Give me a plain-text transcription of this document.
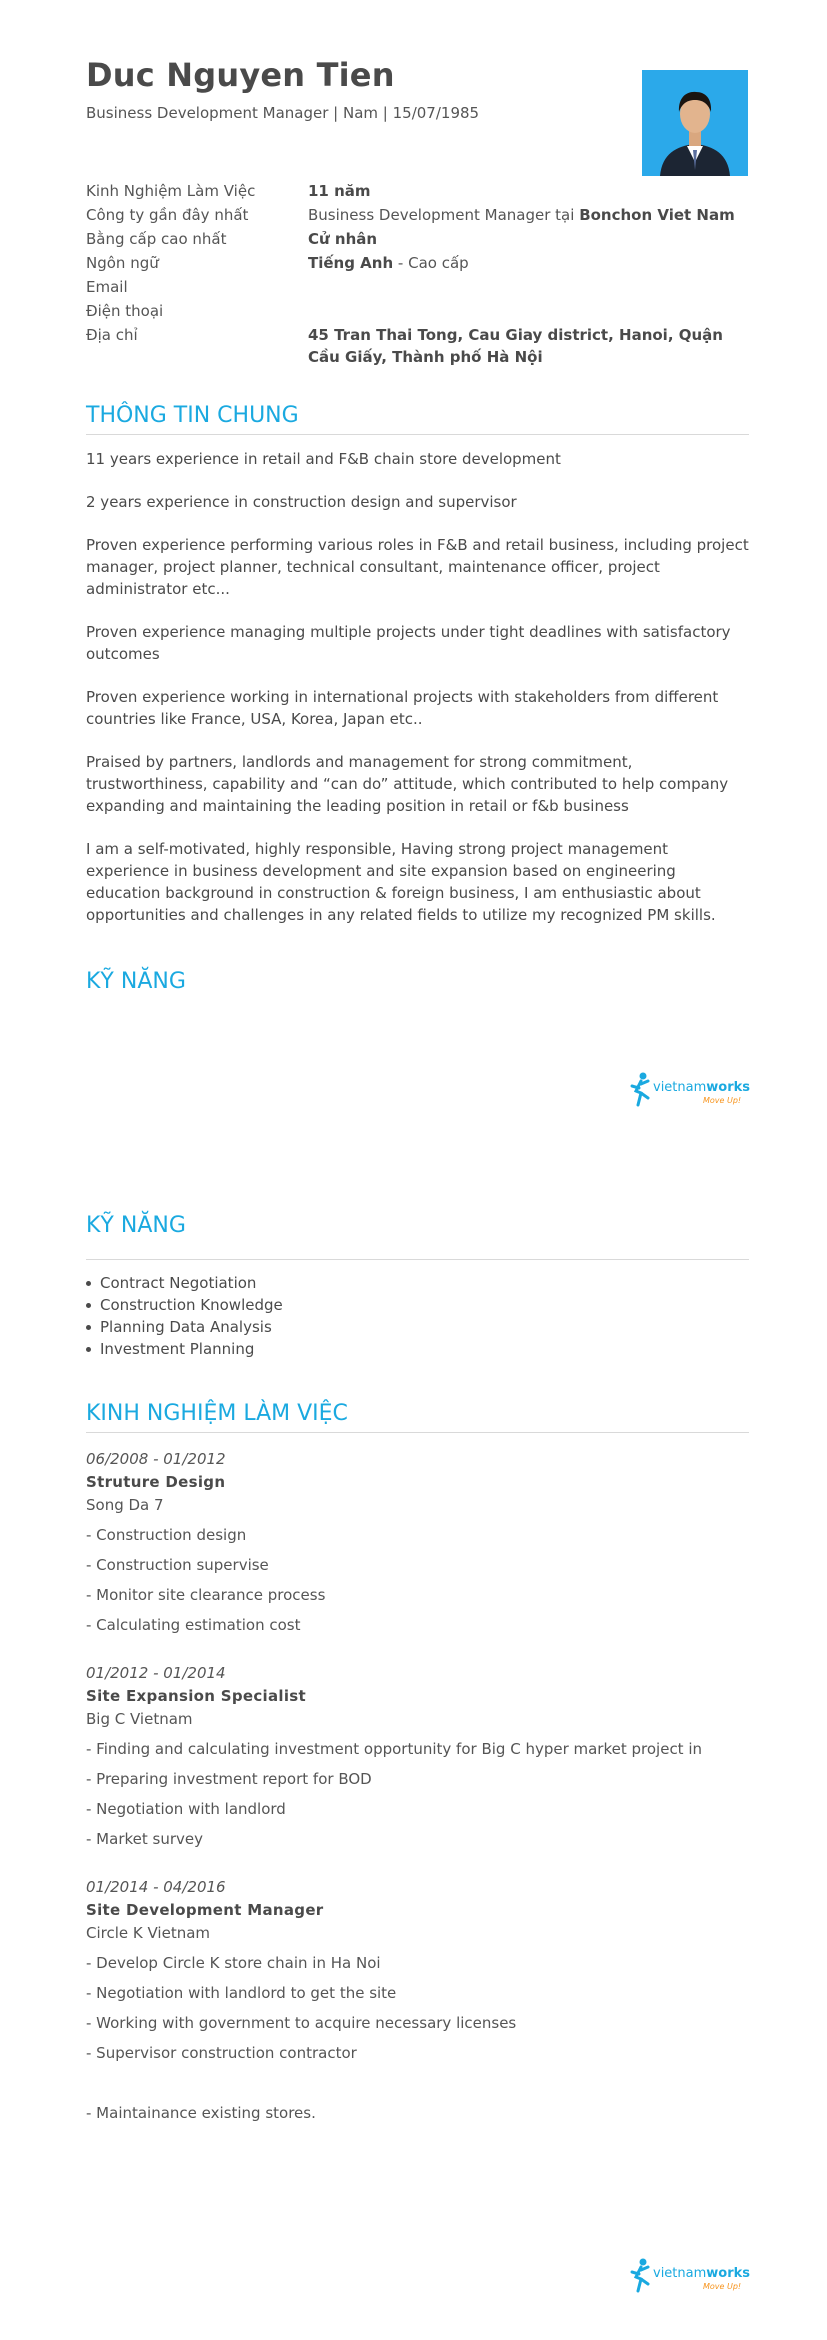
Duc Nguyen Tien
Business Development Manager | Nam | 15/07/1985
Kinh Nghiệm Làm Việc	11 năm
Công ty gần đây nhất	Business Development Manager tại Bonchon Viet Nam
Bằng cấp cao nhất	Cử nhân
Ngôn ngữ	Tiếng Anh - Cao cấp
Email
Điện thoại
Địa chỉ	45 Tran Thai Tong, Cau Giay district, Hanoi, Quận Cầu Giấy, Thành phố Hà Nội
THÔNG TIN CHUNG

11 years experience in retail and F&B chain store development

2 years experience in construction design and supervisor

Proven experience performing various roles in F&B and retail business, including project manager, project planner, technical consultant, maintenance officer, project administrator etc...

Proven experience managing multiple projects under tight deadlines with satisfactory outcomes

Proven experience working in international projects with stakeholders from different countries like France, USA, Korea, Japan etc..

Praised by partners, landlords and management for strong commitment, trustworthiness, capability and “can do” attitude, which contributed to help company expanding and maintaining the leading position in retail or f&b business

I am a self-motivated, highly responsible, Having strong project management experience in business development and site expansion based on engineering education background in construction & foreign business, I am enthusiastic about opportunities and challenges in any related fields to utilize my recognized PM skills.

KỸ NĂNG
vietnamworks
Move Up!
KỸ NĂNG
Contract Negotiation
Construction Knowledge
Planning Data Analysis
Investment Planning
KINH NGHIỆM LÀM VIỆC
06/2008 - 01/2012
Struture Design
Song Da 7
- Construction design
- Construction supervise
- Monitor site clearance process
- Calculating estimation cost
01/2012 - 01/2014
Site Expansion Specialist
Big C Vietnam
- Finding and calculating investment opportunity for Big C hyper market project in
- Preparing investment report for BOD
- Negotiation with landlord
- Market survey
01/2014 - 04/2016
Site Development Manager
Circle K Vietnam
- Develop Circle K store chain in Ha Noi
- Negotiation with landlord to get the site
- Working with government to acquire necessary licenses
- Supervisor construction contractor
- Maintainance existing stores.
vietnamworks
Move Up!
